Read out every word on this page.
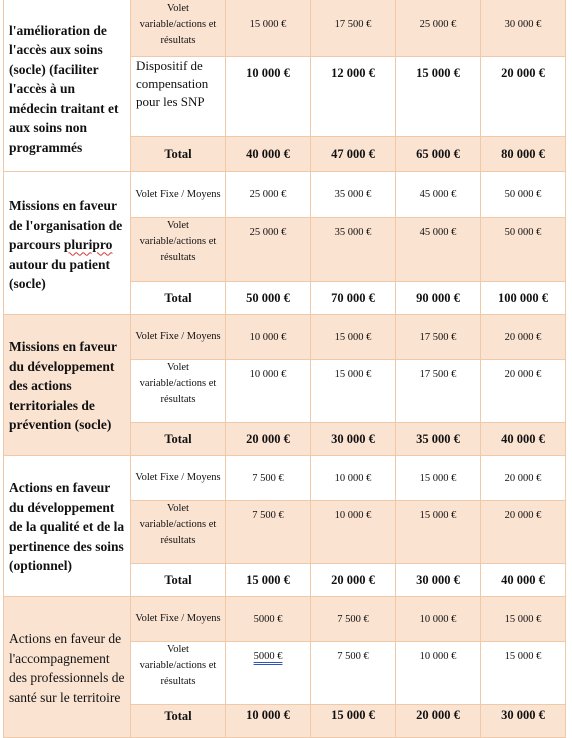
l'amélioration de l'accès aux soins (socle) (faciliter l'accès à un médecin traitant et aux soins non programmés	Volet variable/actions et résultats	15 000 €	17 500 €	25 000 €	30 000 €
	Dispositif de compensation pour les SNP	10 000 €	12 000 €	15 000 €	20 000 €
	Total	40 000 €	47 000 €	65 000 €	80 000 €
Missions en faveur de l'organisation de parcours pluripro autour du patient (socle)	Volet Fixe / Moyens	25 000 €	35 000 €	45 000 €	50 000 €
	Volet variable/actions et résultats	25 000 €	35 000 €	45 000 €	50 000 €
	Total	50 000 €	70 000 €	90 000 €	100 000 €
Missions en faveur du développement des actions territoriales de prévention (socle)	Volet Fixe / Moyens	10 000 €	15 000 €	17 500 €	20 000 €
	Volet variable/actions et résultats	10 000 €	15 000 €	17 500 €	20 000 €
	Total	20 000 €	30 000 €	35 000 €	40 000 €
Actions en faveur du développement de la qualité et de la pertinence des soins (optionnel)	Volet Fixe / Moyens	7 500 €	10 000 €	15 000 €	20 000 €
	Volet variable/actions et résultats	7 500 €	10 000 €	15 000 €	20 000 €
	Total	15 000 €	20 000 €	30 000 €	40 000 €
Actions en faveur de l'accompagnement des professionnels de santé sur le territoire	Volet Fixe / Moyens	5000 €	7 500 €	10 000 €	15 000 €
	Volet variable/actions et résultats	5000 €	7 500 €	10 000 €	15 000 €
	Total	10 000 €	15 000 €	20 000 €	30 000 €
